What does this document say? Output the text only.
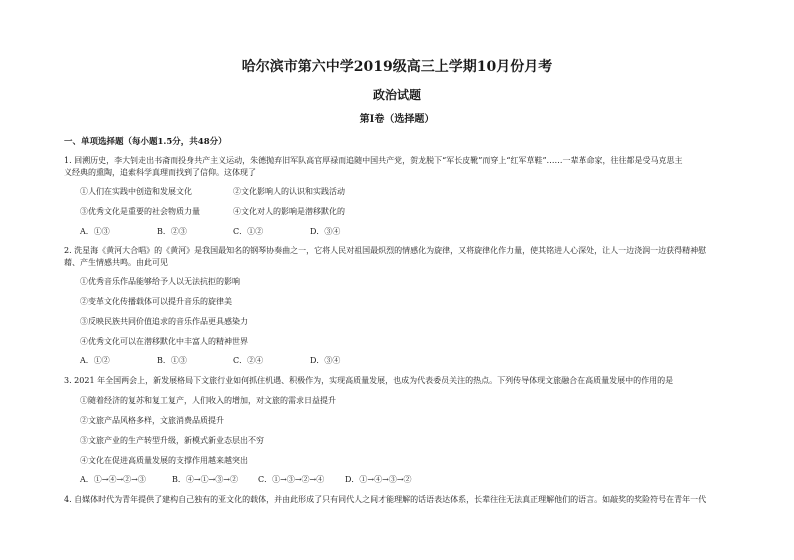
哈尔滨市第六中学2019级高三上学期10月份月考
政治试题
第Ⅰ卷（选择题）
一、单项选择题（每小题1.5分，共48分）
1. 回溯历史，李大钊走出书斋而投身共产主义运动，朱德抛弃旧军队高官厚禄而追随中国共产党，贺龙脱下“军长皮靴”而穿上“红军草鞋”……一辈革命家，往往都是受马克思主
义经典的熏陶，追索科学真理而找到了信仰。这体现了
①人们在实践中创造和发展文化	②文化影响人的认识和实践活动
③优秀文化是重要的社会物质力量	④文化对人的影响是潜移默化的
A．①③	B．②③	C．①②	D．③④
2. 洗星海《黄河大合唱》的《黄河》是我国最知名的钢琴协奏曲之一，它将人民对祖国最炽烈的情感化为旋律，又将旋律化作力量，使其铭进人心深处，让人一边浇润一边获得精神慰
藉、产生情感共鸣。由此可见
①优秀音乐作品能够给予人以无法抗拒的影响
②变革文化传播载体可以提升音乐的旋律美
③反映民族共同价值追求的音乐作品更具感染力
④优秀文化可以在潜移默化中丰富人的精神世界
A．①②	B．①③	C．②④	D．③④
3. 2021 年全国两会上，新发展格局下文旅行业如何抓住机遇、积极作为，实现高质量发展，也成为代表委员关注的热点。下列传导体现文旅融合在高质量发展中的作用的是
①随着经济的复苏和复工复产，人们收入的增加，对文旅的需求日益提升
②文旅产品风格多样，文旅消费品质提升
③文旅产业的生产转型升级，新模式新业态层出不穷
④文化在促进高质量发展的支撑作用越来越突出
A．①→④→②→③	B．④→①→③→②	C．①→③→②→④	D．①→④→③→②
4. 自媒体时代为青年提供了建构自己独有的亚文化的载体，并由此形成了只有同代人之间才能理解的话语表达体系，长辈往往无法真正理解他们的语言。如敲奖的奖险符号在青年一代
